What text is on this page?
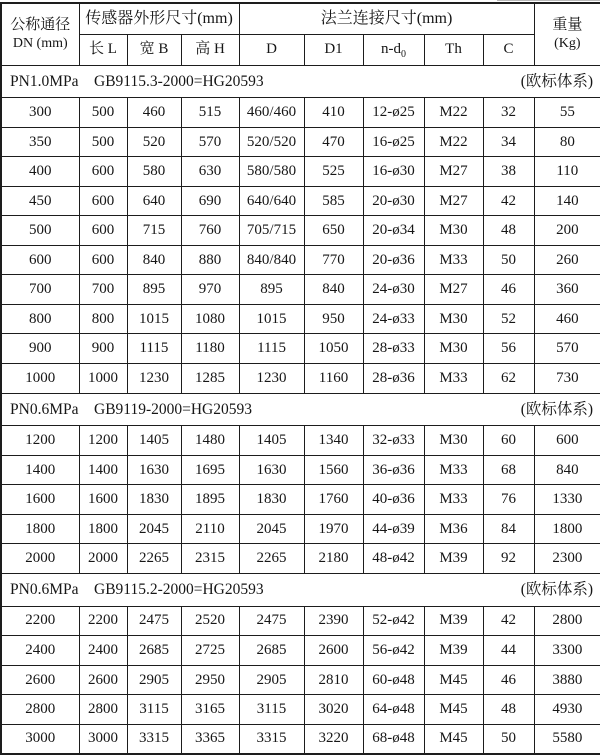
公称通径
DN (mm)	传感器外形尺寸(mm)			法兰连接尺寸(mm)					重量
(Kg)

	长 L	宽 B	高 H	D	D1	$n-d_0$	Th	C	

PN1.0MPa GB9115.3-2000=HG20593 (欧标体系)									

300	500	460	515	460/460	410	12-ø25	M22	32	55
350	500	520	570	520/520	470	16-ø25	M22	34	80
400	600	580	630	580/580	525	16-ø30	M27	38	110
450	600	640	690	640/640	585	20-ø30	M27	42	140
500	600	715	760	705/715	650	20-ø34	M30	48	200
600	600	840	880	840/840	770	20-ø36	M33	50	260
700	700	895	970	895	840	24-ø30	M27	46	360
800	800	1015	1080	1015	950	24-ø33	M30	52	460
900	900	1115	1180	1115	1050	28-ø33	M30	56	570
1000	1000	1230	1285	1230	1160	28-ø36	M33	62	730

PN0.6MPa GB9119-2000=HG20593 (欧标体系)									

1200	1200	1405	1480	1405	1340	32-ø33	M30	60	600
1400	1400	1630	1695	1630	1560	36-ø36	M33	68	840
1600	1600	1830	1895	1830	1760	40-ø36	M33	76	1330
1800	1800	2045	2110	2045	1970	44-ø39	M36	84	1800
2000	2000	2265	2315	2265	2180	48-ø42	M39	92	2300

PN0.6MPa GB9115.2-2000=HG20593 (欧标体系)									

2200	2200	2475	2520	2475	2390	52-ø42	M39	42	2800
2400	2400	2685	2725	2685	2600	56-ø42	M39	44	3300
2600	2600	2905	2950	2905	2810	60-ø48	M45	46	3880
2800	2800	3115	3165	3115	3020	64-ø48	M45	48	4930
3000	3000	3315	3365	3315	3220	68-ø48	M45	50	5580
